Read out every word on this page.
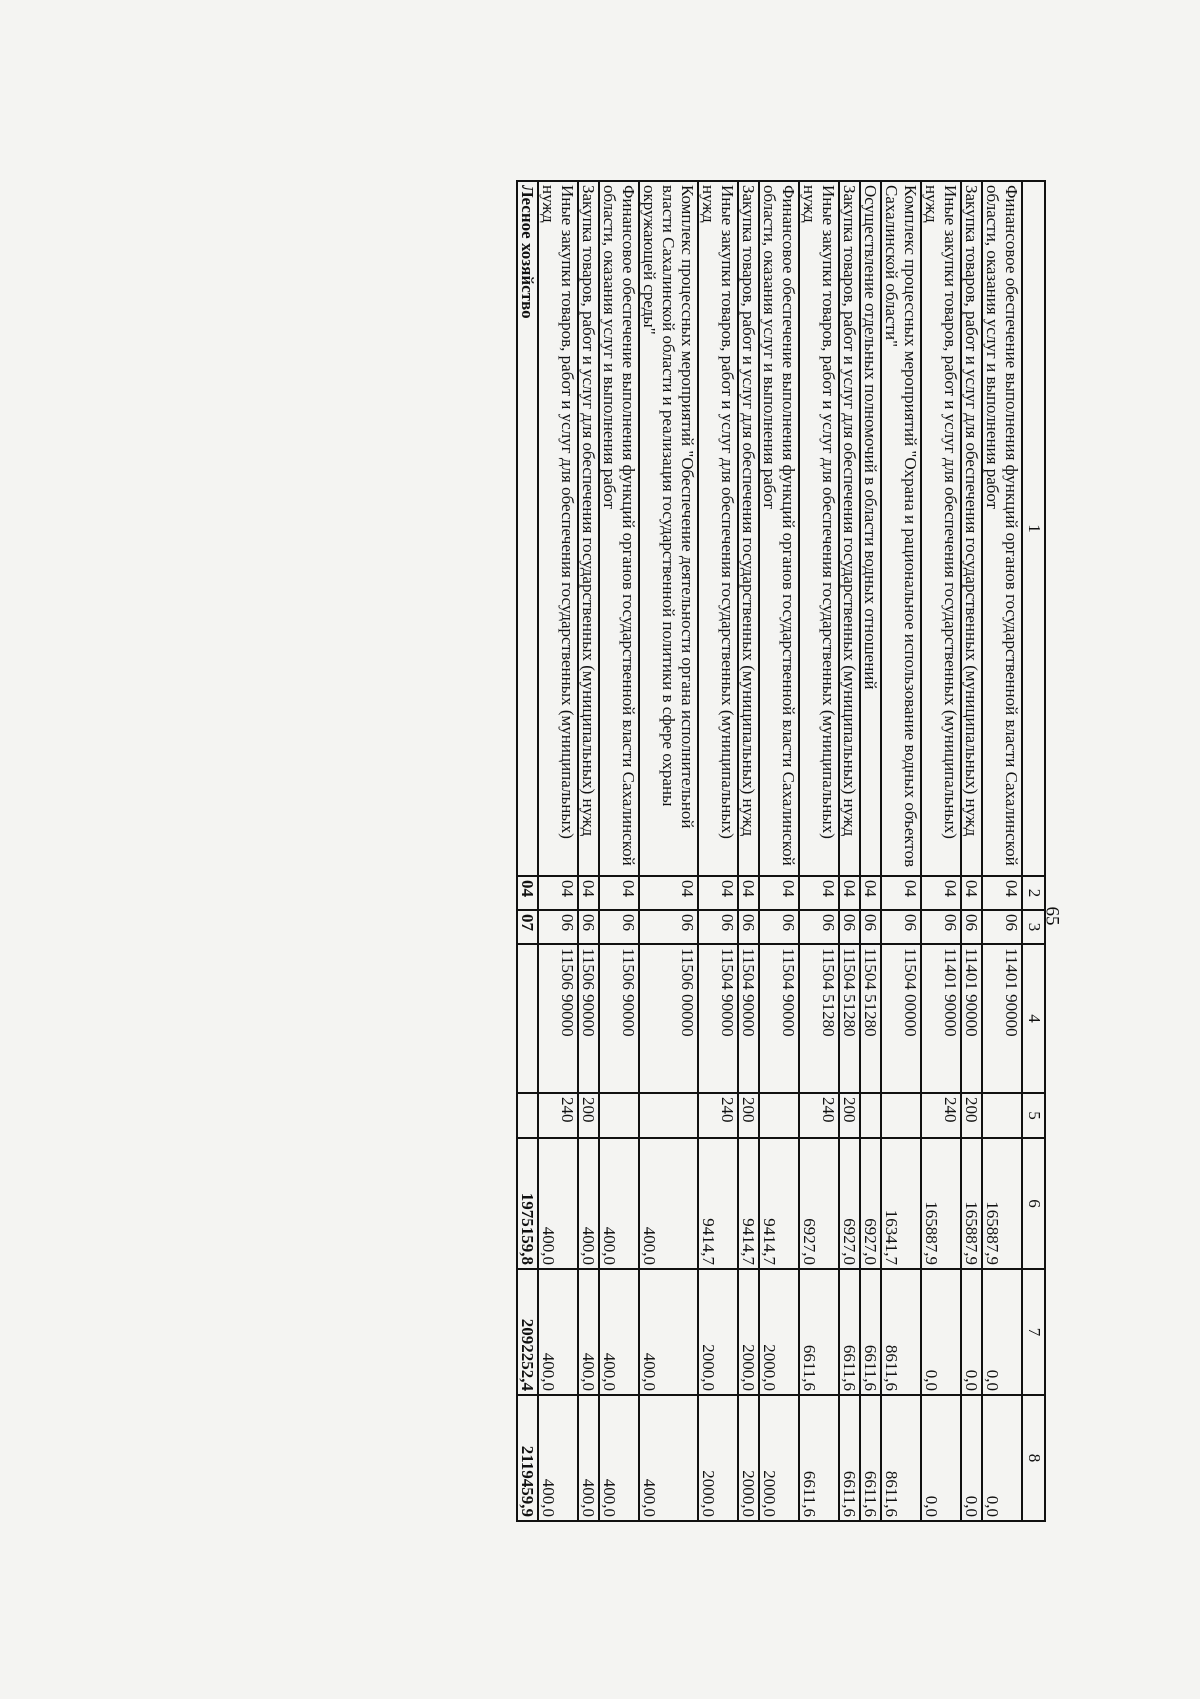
65
1	2	3	4	5	6	7	8
Финансовое обеспечение выполнения функций органов государственной власти Сахалинской области, оказания услуг и выполнения работ	04	06	11401 90000		165887,9	0,0	0,0
Закупка товаров, работ и услуг для обеспечения государственных (муниципальных) нужд	04	06	11401 90000	200	165887,9	0,0	0,0
Иные закупки товаров, работ и услуг для обеспечения государственных (муниципальных) нужд	04	06	11401 90000	240	165887,9	0,0	0,0
Комплекс процессных мероприятий "Охрана и рациональное использование водных объектов Сахалинской области"	04	06	11504 00000		16341,7	8611,6	8611,6
Осуществление отдельных полномочий в области водных отношений	04	06	11504 51280		6927,0	6611,6	6611,6
Закупка товаров, работ и услуг для обеспечения государственных (муниципальных) нужд	04	06	11504 51280	200	6927,0	6611,6	6611,6
Иные закупки товаров, работ и услуг для обеспечения государственных (муниципальных) нужд	04	06	11504 51280	240	6927,0	6611,6	6611,6
Финансовое обеспечение выполнения функций органов государственной власти Сахалинской области, оказания услуг и выполнения работ	04	06	11504 90000		9414,7	2000,0	2000,0
Закупка товаров, работ и услуг для обеспечения государственных (муниципальных) нужд	04	06	11504 90000	200	9414,7	2000,0	2000,0
Иные закупки товаров, работ и услуг для обеспечения государственных (муниципальных) нужд	04	06	11504 90000	240	9414,7	2000,0	2000,0
Комплекс процессных мероприятий "Обеспечение деятельности органа исполнительной власти Сахалинской области и реализация государственной политики в сфере охраны окружающей среды"	04	06	11506 00000		400,0	400,0	400,0
Финансовое обеспечение выполнения функций органов государственной власти Сахалинской области, оказания услуг и выполнения работ	04	06	11506 90000		400,0	400,0	400,0
Закупка товаров, работ и услуг для обеспечения государственных (муниципальных) нужд	04	06	11506 90000	200	400,0	400,0	400,0
Иные закупки товаров, работ и услуг для обеспечения государственных (муниципальных) нужд	04	06	11506 90000	240	400,0	400,0	400,0
Лесное хозяйство	04	07			1975159,8	2092252,4	2119459,9
